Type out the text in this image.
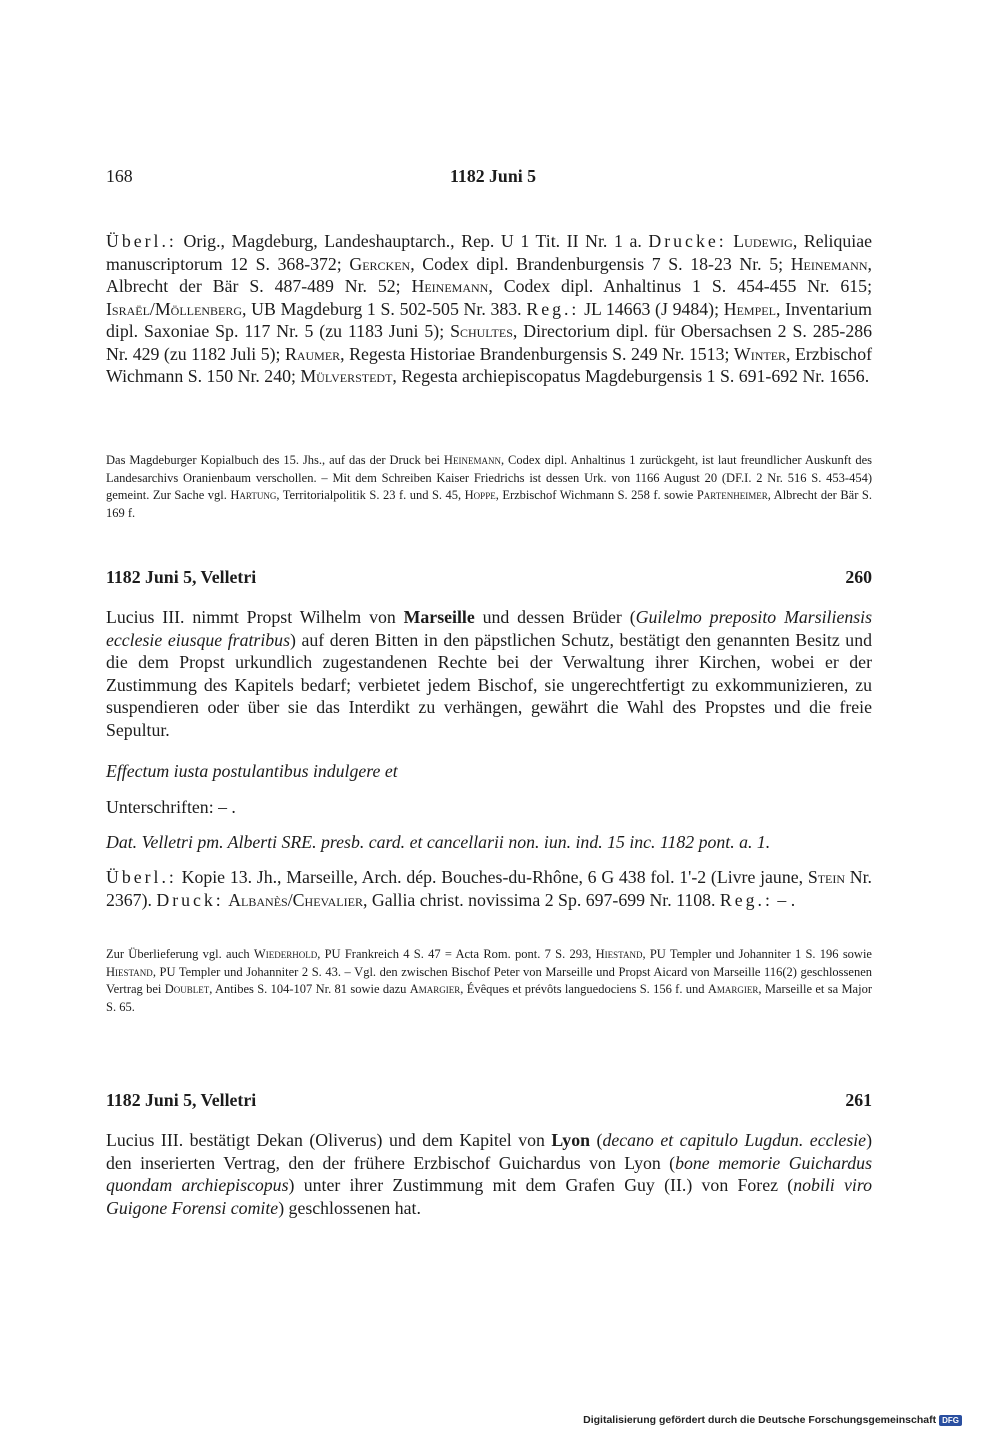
168	1182 Juni 5
Überl.: Orig., Magdeburg, Landeshauptarch., Rep. U 1 Tit. II Nr. 1 a. Drucke: Ludewig, Reliquiae manuscriptorum 12 S. 368-372; Gercken, Codex dipl. Brandenburgensis 7 S. 18-23 Nr. 5; Heinemann, Albrecht der Bär S. 487-489 Nr. 52; Heinemann, Codex dipl. Anhaltinus 1 S. 454-455 Nr. 615; Israël/Möllenberg, UB Magdeburg 1 S. 502-505 Nr. 383. Reg.: JL 14663 (J 9484); Hempel, Inventarium dipl. Saxoniae Sp. 117 Nr. 5 (zu 1183 Juni 5); Schultes, Directorium dipl. für Obersachsen 2 S. 285-286 Nr. 429 (zu 1182 Juli 5); Raumer, Regesta Historiae Brandenburgensis S. 249 Nr. 1513; Winter, Erzbischof Wichmann S. 150 Nr. 240; Mülverstedt, Regesta archiepiscopatus Magdeburgensis 1 S. 691-692 Nr. 1656.
Das Magdeburger Kopialbuch des 15. Jhs., auf das der Druck bei Heinemann, Codex dipl. Anhaltinus 1 zurückgeht, ist laut freundlicher Auskunft des Landesarchivs Oranienbaum verschollen. – Mit dem Schreiben Kaiser Friedrichs ist dessen Urk. von 1166 August 20 (DF.I. 2 Nr. 516 S. 453-454) gemeint. Zur Sache vgl. Hartung, Territorialpolitik S. 23 f. und S. 45, Hoppe, Erzbischof Wichmann S. 258 f. sowie Partenheimer, Albrecht der Bär S. 169 f.
1182 Juni 5, Velletri	260
Lucius III. nimmt Propst Wilhelm von Marseille und dessen Brüder (Guilelmo preposito Marsiliensis ecclesie eiusque fratribus) auf deren Bitten in den päpstlichen Schutz, bestätigt den genannten Besitz und die dem Propst urkundlich zugestandenen Rechte bei der Verwaltung ihrer Kirchen, wobei er der Zustimmung des Kapitels bedarf; verbietet jedem Bischof, sie ungerechtfertigt zu exkommunizieren, zu suspendieren oder über sie das Interdikt zu verhängen, gewährt die Wahl des Propstes und die freie Sepultur.
Effectum iusta postulantibus indulgere et
Unterschriften: – .
Dat. Velletri pm. Alberti SRE. presb. card. et cancellarii non. iun. ind. 15 inc. 1182 pont. a. 1.
Überl.: Kopie 13. Jh., Marseille, Arch. dép. Bouches-du-Rhône, 6 G 438 fol. 1'-2 (Livre jaune, Stein Nr. 2367). Druck: Albanès/Chevalier, Gallia christ. novissima 2 Sp. 697-699 Nr. 1108. Reg.: – .
Zur Überlieferung vgl. auch Wiederhold, PU Frankreich 4 S. 47 = Acta Rom. pont. 7 S. 293, Hiestand, PU Templer und Johanniter 1 S. 196 sowie Hiestand, PU Templer und Johanniter 2 S. 43. – Vgl. den zwischen Bischof Peter von Marseille und Propst Aicard von Marseille 116(2) geschlossenen Vertrag bei Doublet, Antibes S. 104-107 Nr. 81 sowie dazu Amargier, Évêques et prévôts languedociens S. 156 f. und Amargier, Marseille et sa Major S. 65.
1182 Juni 5, Velletri	261
Lucius III. bestätigt Dekan (Oliverus) und dem Kapitel von Lyon (decano et capitulo Lugdun. ecclesie) den inserierten Vertrag, den der frühere Erzbischof Guichardus von Lyon (bone memorie Guichardus quondam archiepiscopus) unter ihrer Zustimmung mit dem Grafen Guy (II.) von Forez (nobili viro Guigone Forensi comite) geschlossenen hat.
Digitalisierung gefördert durch die Deutsche Forschungsgemeinschaft DFG
